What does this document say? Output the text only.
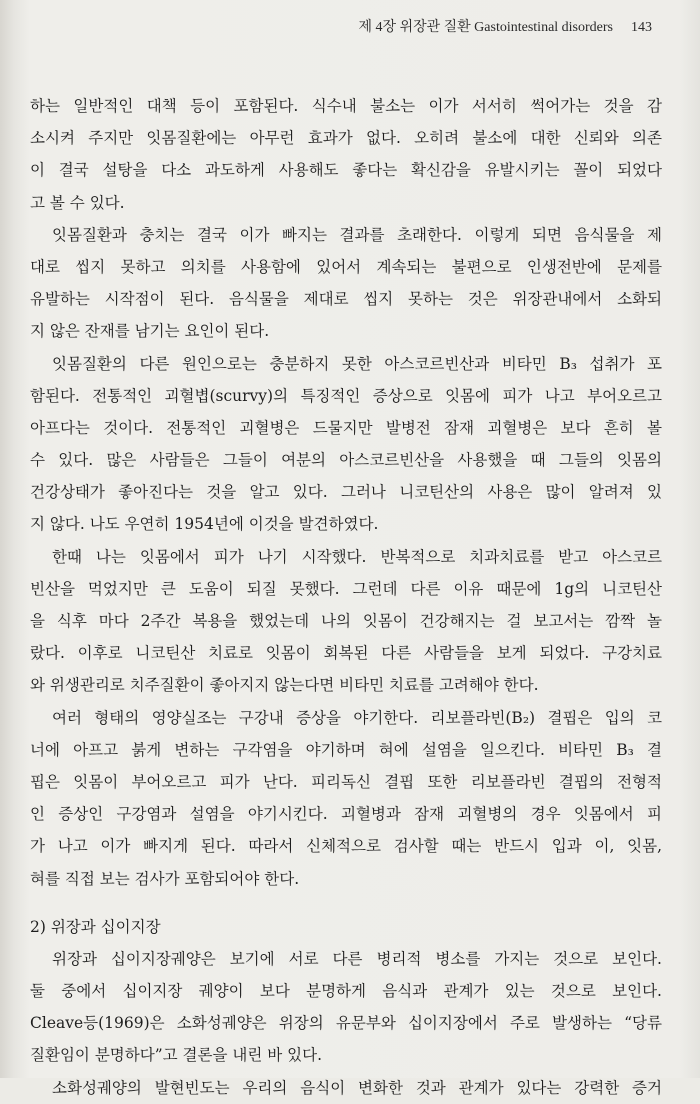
제 4장 위장관 질환 Gastointestinal disorders 143
하는 일반적인 대책 등이 포함된다. 식수내 불소는 이가 서서히 썩어가는 것을 감
소시켜 주지만 잇몸질환에는 아무런 효과가 없다. 오히려 불소에 대한 신뢰와 의존
이 결국 설탕을 다소 과도하게 사용해도 좋다는 확신감을 유발시키는 꼴이 되었다
고 볼 수 있다.
잇몸질환과 충치는 결국 이가 빠지는 결과를 초래한다. 이렇게 되면 음식물을 제
대로 씹지 못하고 의치를 사용함에 있어서 계속되는 불편으로 인생전반에 문제를
유발하는 시작점이 된다. 음식물을 제대로 씹지 못하는 것은 위장관내에서 소화되
지 않은 잔재를 남기는 요인이 된다.
잇몸질환의 다른 원인으로는 충분하지 못한 아스코르빈산과 비타민 B₃ 섭취가 포
함된다. 전통적인 괴혈볍(scurvy)의 특징적인 증상으로 잇몸에 피가 나고 부어오르고
아프다는 것이다. 전통적인 괴혈병은 드물지만 발병전 잠재 괴혈병은 보다 흔히 볼
수 있다. 많은 사람들은 그들이 여분의 아스코르빈산을 사용했을 때 그들의 잇몸의
건강상태가 좋아진다는 것을 알고 있다. 그러나 니코틴산의 사용은 많이 알려져 있
지 않다. 나도 우연히 1954년에 이것을 발견하였다.
한때 나는 잇몸에서 피가 나기 시작했다. 반복적으로 치과치료를 받고 아스코르
빈산을 먹었지만 큰 도움이 되질 못했다. 그런데 다른 이유 때문에 1g의 니코틴산
을 식후 마다 2주간 복용을 했었는데 나의 잇몸이 건강해지는 걸 보고서는 깜짝 놀
랐다. 이후로 니코틴산 치료로 잇몸이 회복된 다른 사람들을 보게 되었다. 구강치료
와 위생관리로 치주질환이 좋아지지 않는다면 비타민 치료를 고려해야 한다.
여러 형태의 영양실조는 구강내 증상을 야기한다. 리보플라빈(B₂) 결핍은 입의 코
너에 아프고 붉게 변하는 구각염을 야기하며 혀에 설염을 일으킨다. 비타민 B₃ 결
핍은 잇몸이 부어오르고 피가 난다. 피리독신 결핍 또한 리보플라빈 결핍의 전형적
인 증상인 구강염과 설염을 야기시킨다. 괴혈병과 잠재 괴혈병의 경우 잇몸에서 피
가 나고 이가 빠지게 된다. 따라서 신체적으로 검사할 때는 반드시 입과 이, 잇몸,
혀를 직접 보는 검사가 포함되어야 한다.
2) 위장과 십이지장
위장과 십이지장궤양은 보기에 서로 다른 병리적 병소를 가지는 것으로 보인다.
둘 중에서 십이지장 궤양이 보다 분명하게 음식과 관계가 있는 것으로 보인다.
Cleave등(1969)은 소화성궤양은 위장의 유문부와 십이지장에서 주로 발생하는 “당류
질환임이 분명하다”고 결론을 내린 바 있다.
소화성궤양의 발현빈도는 우리의 음식이 변화한 것과 관계가 있다는 강력한 증거
